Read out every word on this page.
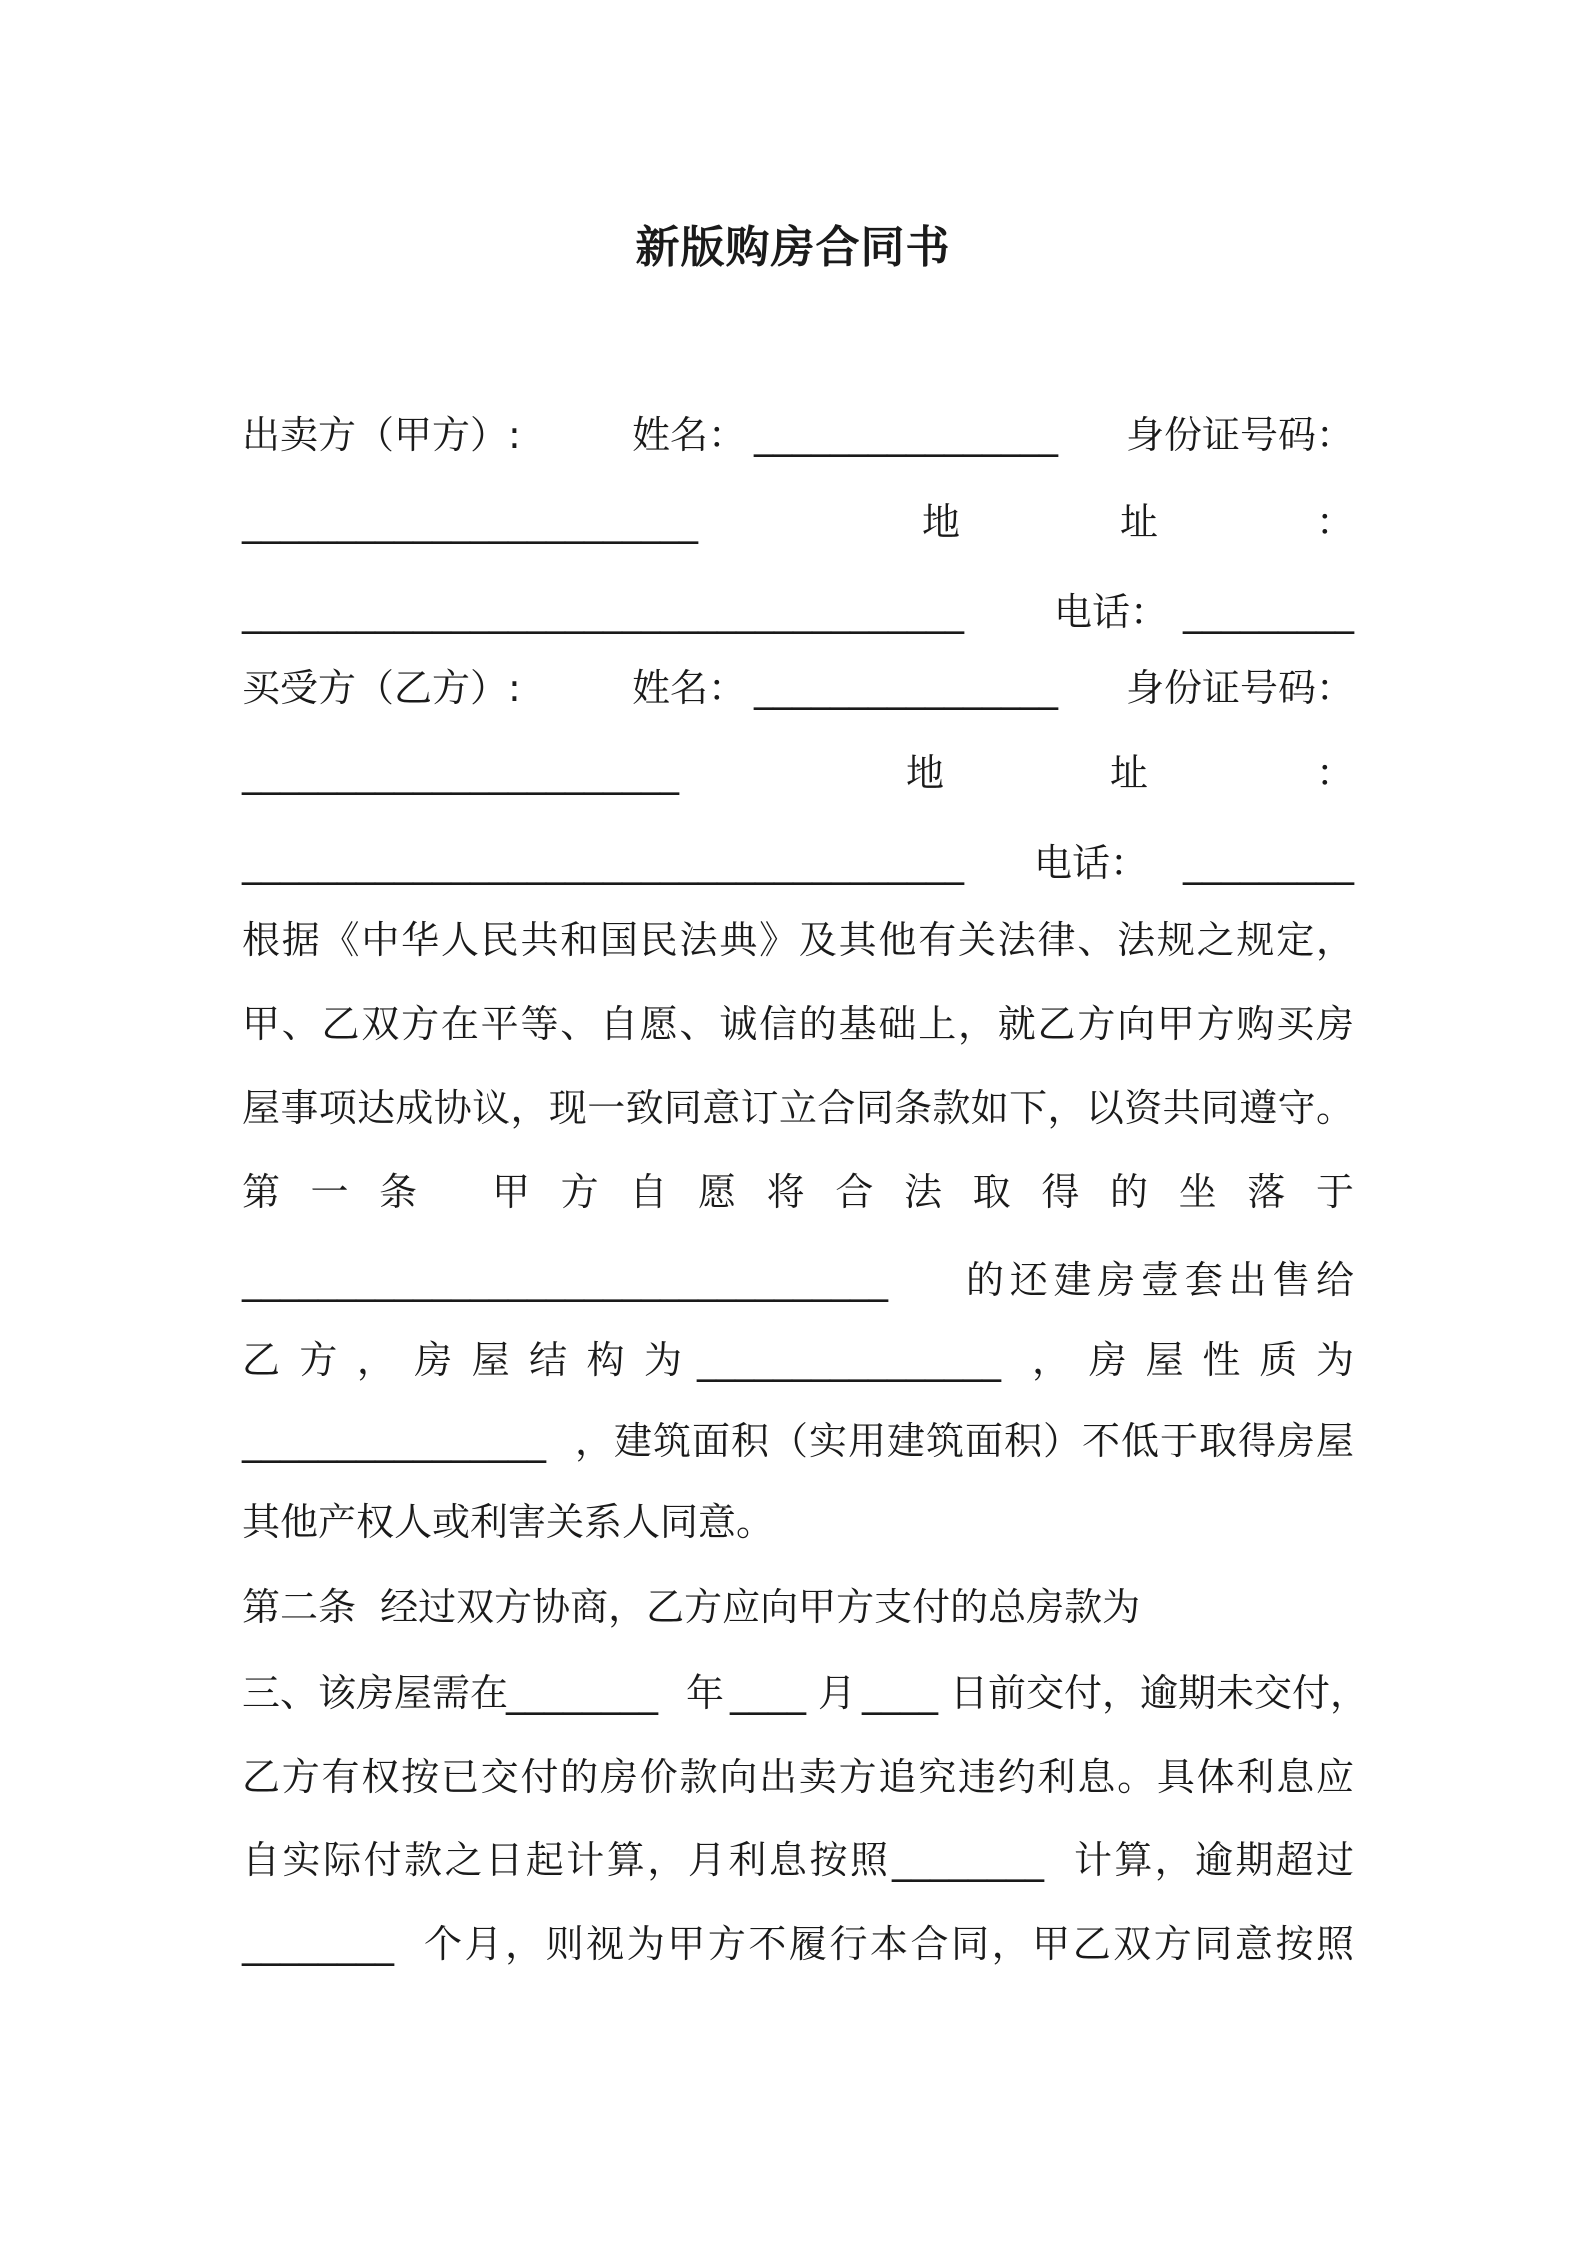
新版购房合同书
出卖方（甲方）:	姓名： ________________ 身份证号码：
________________________	地	址	：
______________________________________ 电话： _________
买受方（乙方）:	姓名： ________________ 身份证号码：
_______________________	地	址	：
______________________________________ 电话： _________
根据《中华人民共和国民法典》及其他有关法律、法规之规定，
甲、乙双方在平等、自愿、诚信的基础上，就乙方向甲方购买房
屋事项达成协议，现一致同意订立合同条款如下，以资共同遵守。
第一条 甲方自愿将合法取得的坐落于
__________________________________ 的还建房壹套出售给
乙方，房屋结构为 ________________ ，房屋性质为
________________ ，建筑面积（实用建筑面积）不低于取得房屋
其他产权人或利害关系人同意。
第二条  经过双方协商，乙方应向甲方支付的总房款为
三、该房屋需在
________ 年 ____ 月 ____ 日前交付，逾期未交付，
乙方有权按已交付的房价款向出卖方追究违约利息。具体利息应
自实际付款之日起计算，月利息按照 ________ 计算，逾期超过
________ 个月，则视为甲方不履行本合同，甲乙双方同意按照
